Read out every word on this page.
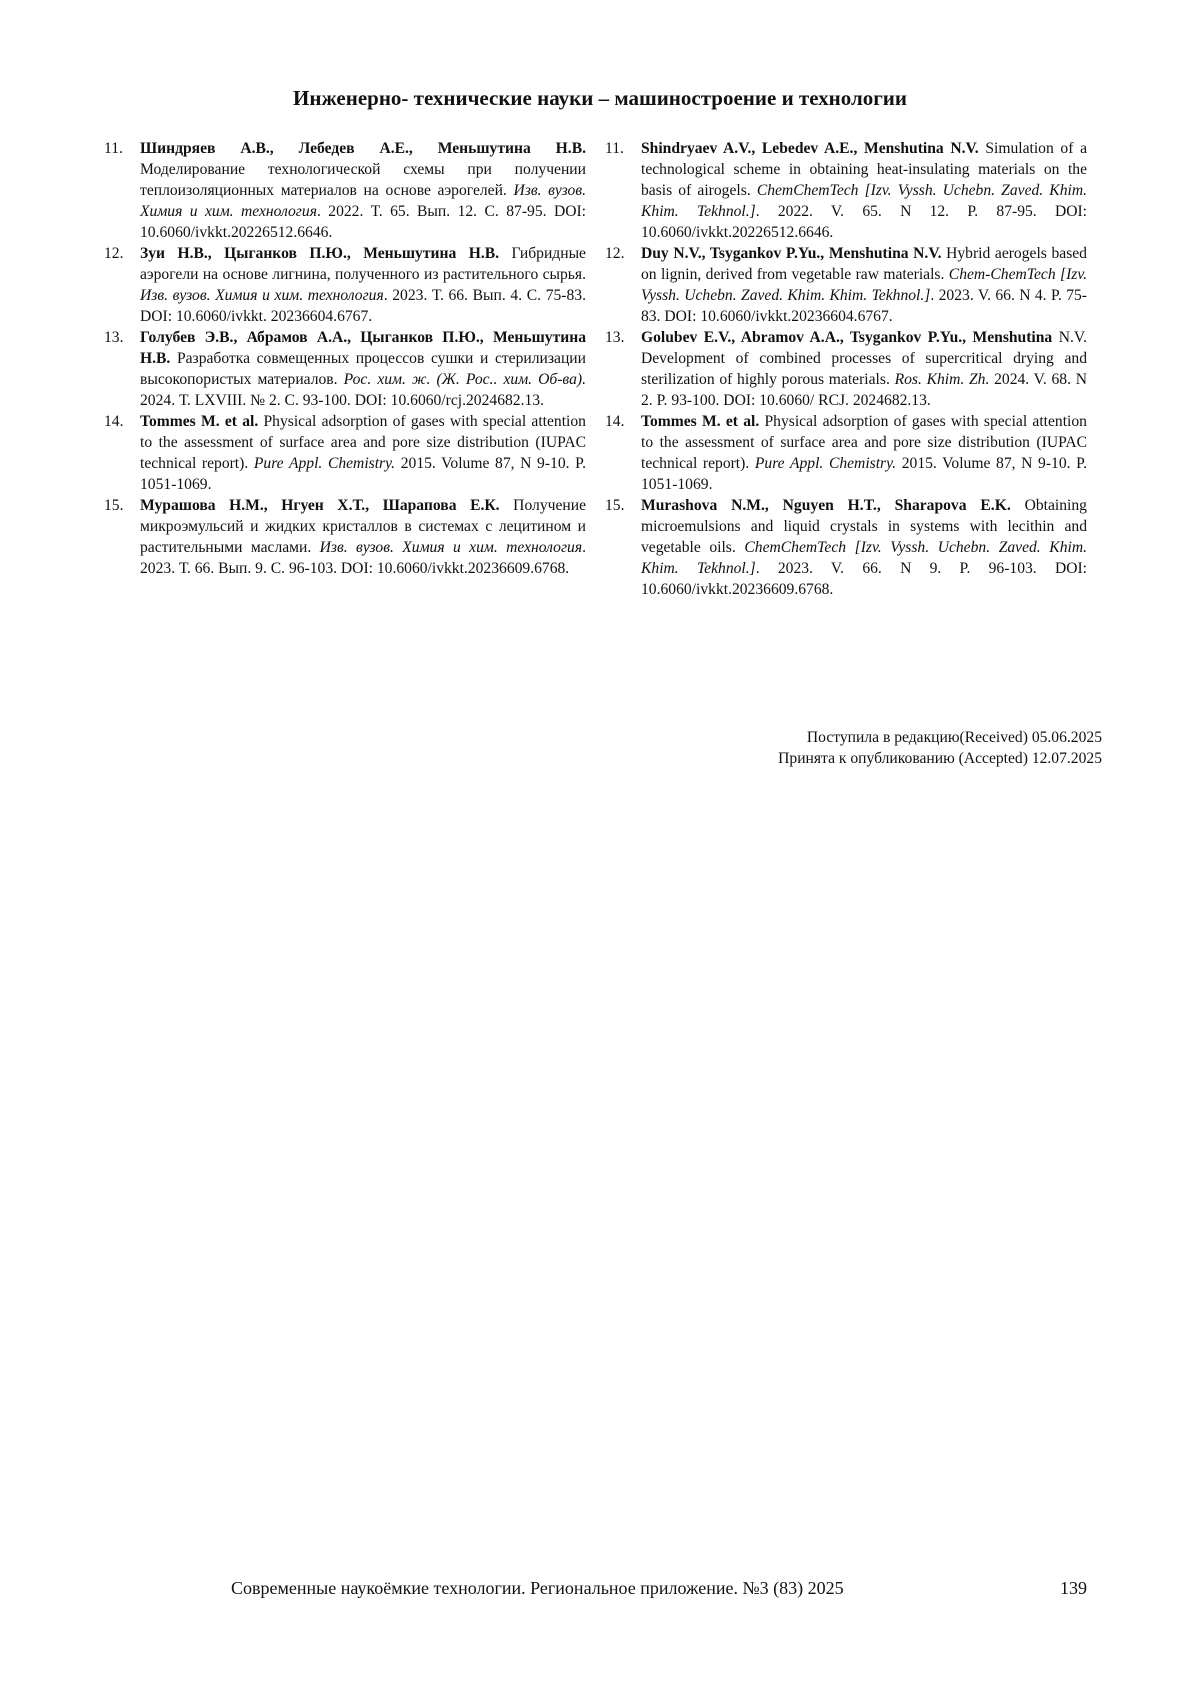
Инженерно- технические науки – машиностроение и технологии

11. Шиндряев А.В., Лебедев А.Е., Меньшутина Н.В. Моделирование технологической схемы при получении теплоизоляционных материалов на основе аэрогелей. Изв. вузов. Химия и хим. технология. 2022. Т. 65. Вып. 12. С. 87-95. DOI: 10.6060/ivkkt.20226512.6646.

12. Зуи Н.В., Цыганков П.Ю., Меньшутина Н.В. Гибридные аэрогели на основе лигнина, полученного из растительного сырья. Изв. вузов. Химия и хим. технология. 2023. Т. 66. Вып. 4. С. 75-83. DOI: 10.6060/ivkkt. 20236604.6767.

13. Голубев Э.В., Абрамов А.А., Цыганков П.Ю., Меньшутина Н.В. Разработка совмещенных процессов сушки и стерилизации высокопористых материалов. Рос. хим. ж. (Ж. Рос.. хим. Об-ва). 2024. Т. LXVIII. № 2. С. 93-100. DOI: 10.6060/rcj.2024682.13.

14. Tommes M. et al. Physical adsorption of gases with special attention to the assessment of surface area and pore size distribution (IUPAC technical report). Pure Appl. Chemistry. 2015. Volume 87, N 9-10. P. 1051-1069.

15. Мурашова Н.М., Нгуен Х.Т., Шарапова Е.К. Получение микроэмульсий и жидких кристаллов в системах с лецитином и растительными маслами. Изв. вузов. Химия и хим. технология. 2023. Т. 66. Вып. 9. С. 96-103. DOI: 10.6060/ivkkt.20236609.6768.

11. Shindryaev A.V., Lebedev A.E., Menshutina N.V. Simulation of a technological scheme in obtaining heat-insulating materials on the basis of airogels. ChemChemTech [Izv. Vyssh. Uchebn. Zaved. Khim. Khim. Tekhnol.]. 2022. V. 65. N 12. P. 87-95. DOI: 10.6060/ivkkt.20226512.6646.

12. Duy N.V., Tsygankov P.Yu., Menshutina N.V. Hybrid aerogels based on lignin, derived from vegetable raw materials. Chem-ChemTech [Izv. Vyssh. Uchebn. Zaved. Khim. Khim. Tekhnol.]. 2023. V. 66. N 4. P. 75-83. DOI: 10.6060/ivkkt.20236604.6767.

13. Golubev E.V., Abramov A.A., Tsygankov P.Yu., Menshutina N.V. Development of combined processes of supercritical drying and sterilization of highly porous materials. Ros. Khim. Zh. 2024. V. 68. N 2. P. 93-100. DOI: 10.6060/ RCJ. 2024682.13.

14. Tommes M. et al. Physical adsorption of gases with special attention to the assessment of surface area and pore size distribution (IUPAC technical report). Pure Appl. Chemistry. 2015. Volume 87, N 9-10. P. 1051-1069.

15. Murashova N.M., Nguyen H.T., Sharapova E.K. Obtaining microemulsions and liquid crystals in systems with lecithin and vegetable oils. ChemChemTech [Izv. Vyssh. Uchebn. Zaved. Khim. Khim. Tekhnol.]. 2023. V. 66. N 9. P. 96-103. DOI: 10.6060/ivkkt.20236609.6768.

Поступила в редакцию(Received) 05.06.2025
Принята к опубликованию (Accepted) 12.07.2025
Современные наукоёмкие технологии. Региональное приложение. №3 (83) 2025	139
